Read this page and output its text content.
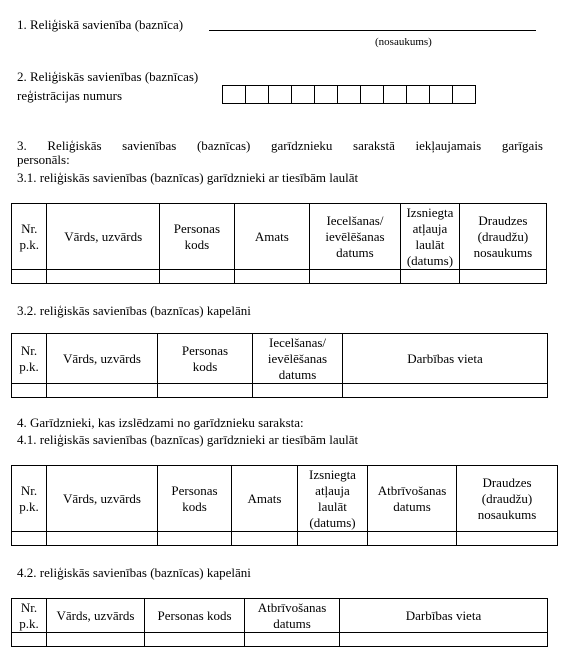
1. Reliģiskā savienība (baznīca)
(nosaukums)
2. Reliģiskās savienības (baznīcas)
reģistrācijas numurs
3. Reliģiskās savienības (baznīcas) garīdznieku sarakstā iekļaujamais garīgais
personāls:
3.1. reliģiskās savienības (baznīcas) garīdznieki ar tiesībām laulāt
Nr.
p.k.	Vārds, uzvārds	Personas
kods	Amats	Iecelšanas/
ievēlēšanas
datums	Izsniegta
atļauja
laulāt
(datums)	Draudzes
(draudžu)
nosaukums

3.2. reliģiskās savienības (baznīcas) kapelāni
Nr.
p.k.	Vārds, uzvārds	Personas
kods	Iecelšanas/
ievēlēšanas
datums	Darbības vieta

4. Garīdznieki, kas izslēdzami no garīdznieku saraksta:
4.1. reliģiskās savienības (baznīcas) garīdznieki ar tiesībām laulāt
Nr.
p.k.	Vārds, uzvārds	Personas
kods	Amats	Izsniegta
atļauja
laulāt
(datums)	Atbrīvošanas
datums	Draudzes
(draudžu)
nosaukums

4.2. reliģiskās savienības (baznīcas) kapelāni
Nr.
p.k.	Vārds, uzvārds	Personas kods	Atbrīvošanas
datums	Darbības vieta
